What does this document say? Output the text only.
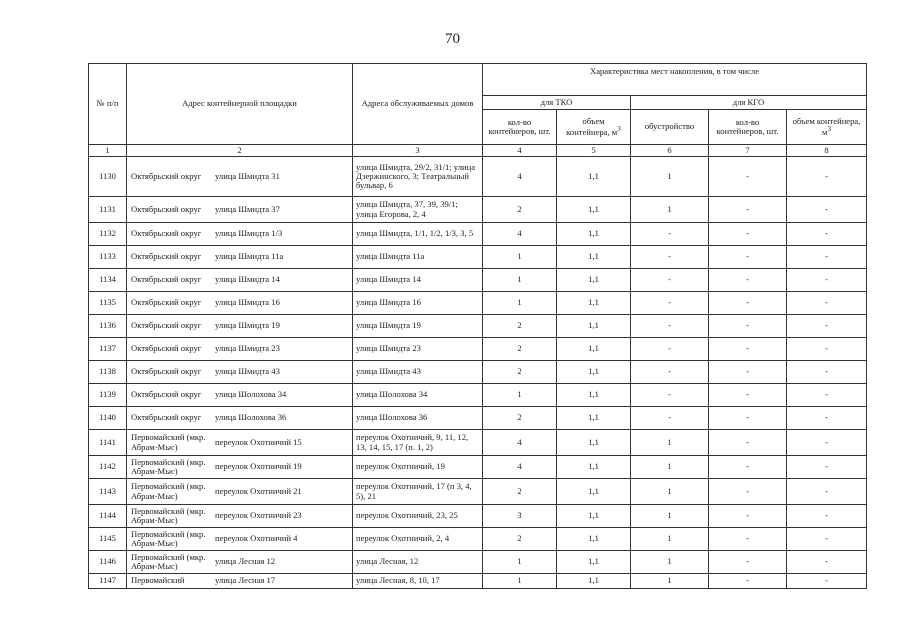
70
№ п/п	Адрес контейнерной площадки	Адреса обслуживаемых домов	Характеристика мест накопления, в том числе				
			для ТКО		для КГО		
			кол-во контейнеров, шт.	объем контейнера, $м^3$	обустройство	кол-во контейнеров, шт.	объем контейнера, $м^3$
1	2	3	4	5	6	7	8
1130	Октябрьский округ улица Шмидта 31	улица Шмидта, 29/2, 31/1; улица Дзержинского, 3; Театральный бульвар, 6	4	1,1	1	-	-
1131	Октябрьский округ улица Шмидта 37	улица Шмидта, 37, 39, 39/1; улица Егорова, 2, 4	2	1,1	1	-	-
1132	Октябрьский округ улица Шмидта 1/3	улица Шмидта, 1/1, 1/2, 1/3, 3, 5	4	1,1	-	-	-
1133	Октябрьский округ улица Шмидта 11а	улица Шмидта 11а	1	1,1	-	-	-
1134	Октябрьский округ улица Шмидта 14	улица Шмидта 14	1	1,1	-	-	-
1135	Октябрьский округ улица Шмидта 16	улица Шмидта 16	1	1,1	-	-	-
1136	Октябрьский округ улица Шмидта 19	улица Шмидта 19	2	1,1	-	-	-
1137	Октябрьский округ улица Шмидта 23	улица Шмидта 23	2	1,1	-	-	-
1138	Октябрьский округ улица Шмидта 43	улица Шмидта 43	2	1,1	-	-	-
1139	Октябрьский округ улица Шолохова 34	улица Шолохова 34	1	1,1	-	-	-
1140	Октябрьский округ улица Шолохова 36	улица Шолохова 36	2	1,1	-	-	-
1141	Первомайский (мкр. Абрам-Мыс) переулок Охотничий 15	переулок Охотничий, 9, 11, 12, 13, 14, 15, 17 (п. 1, 2)	4	1,1	1	-	-
1142	Первомайский (мкр. Абрам-Мыс) переулок Охотничий 19	переулок Охотничий, 19	4	1,1	1	-	-
1143	Первомайский (мкр. Абрам-Мыс) переулок Охотничий 21	переулок Охотничий, 17 (п 3, 4, 5), 21	2	1,1	1	-	-
1144	Первомайский (мкр. Абрам-Мыс) переулок Охотничий 23	переулок Охотничий, 23, 25	3	1,1	1	-	-
1145	Первомайский (мкр. Абрам-Мыс) переулок Охотничий 4	переулок Охотничий, 2, 4	2	1,1	1	-	-
1146	Первомайский (мкр. Абрам-Мыс) улица Лесная 12	улица Лесная, 12	1	1,1	1	-	-
1147	Первомайский улица Лесная 17	улица Лесная, 8, 10, 17	1	1,1	1	-	-
